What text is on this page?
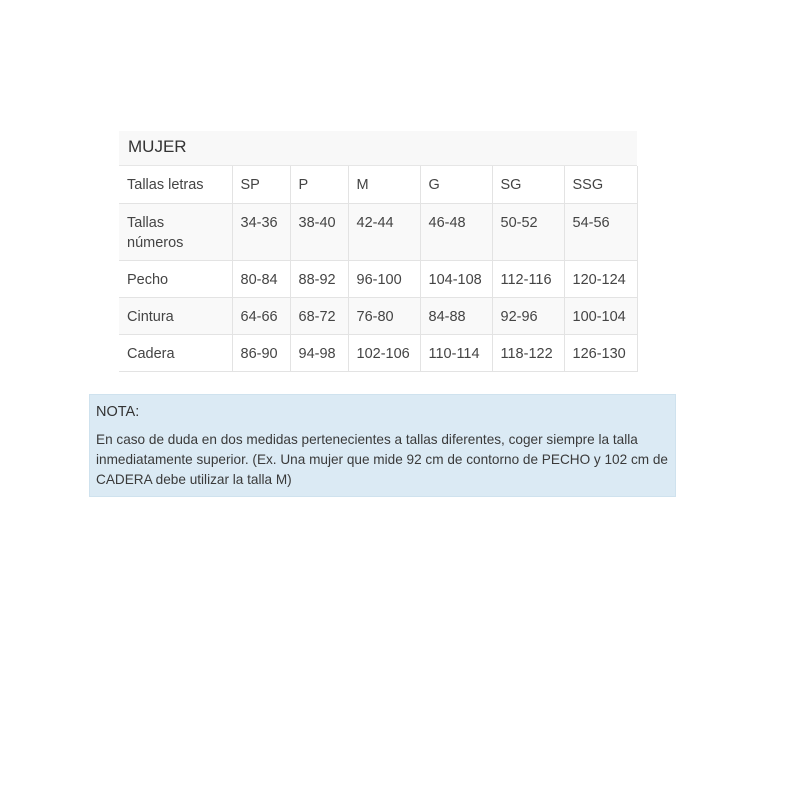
MUJER
Tallas letras	SP	P	M	G	SG	SSG
Tallas números	34-36	38-40	42-44	46-48	50-52	54-56
Pecho	80-84	88-92	96-100	104-108	112-116	120-124
Cintura	64-66	68-72	76-80	84-88	92-96	100-104
Cadera	86-90	94-98	102-106	110-114	118-122	126-130
NOTA:
En caso de duda en dos medidas pertenecientes a tallas diferentes, coger siempre la talla inmediatamente superior. (Ex. Una mujer que mide 92 cm de contorno de PECHO y 102 cm de CADERA debe utilizar la talla M)
